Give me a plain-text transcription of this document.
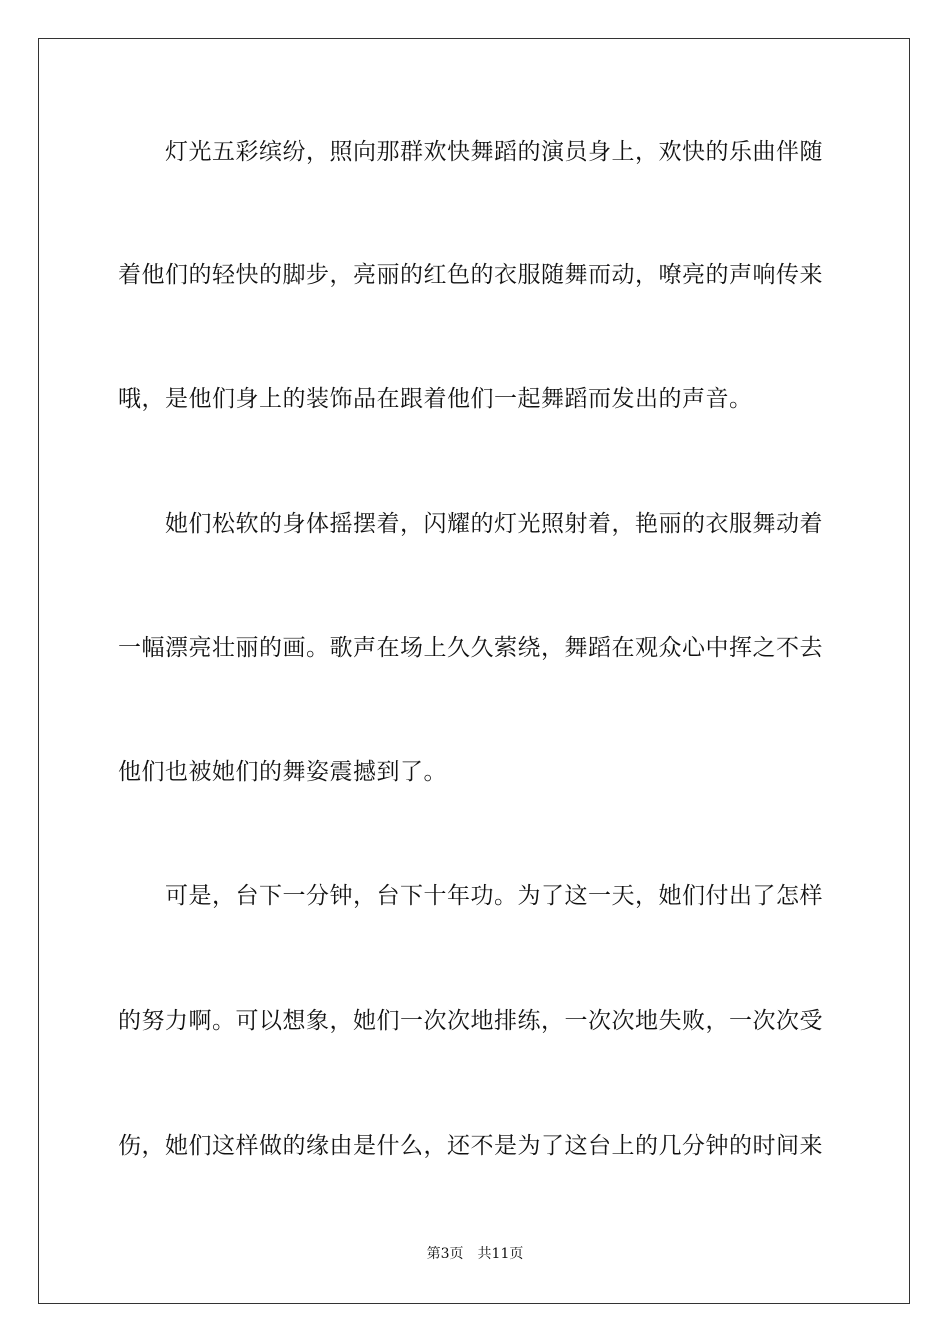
　　灯光五彩缤纷，照向那群欢快舞蹈的演员身上，欢快的乐曲伴随
着他们的轻快的脚步，亮丽的红色的衣服随舞而动，嘹亮的声响传来
哦，是他们身上的装饰品在跟着他们一起舞蹈而发出的声音。
　　她们松软的身体摇摆着，闪耀的灯光照射着，艳丽的衣服舞动着
一幅漂亮壮丽的画。歌声在场上久久萦绕，舞蹈在观众心中挥之不去
他们也被她们的舞姿震撼到了。
　　可是，台下一分钟，台下十年功。为了这一天，她们付出了怎样
的努力啊。可以想象，她们一次次地排练，一次次地失败，一次次受
伤，她们这样做的缘由是什么，还不是为了这台上的几分钟的时间来
第3页 共11页
